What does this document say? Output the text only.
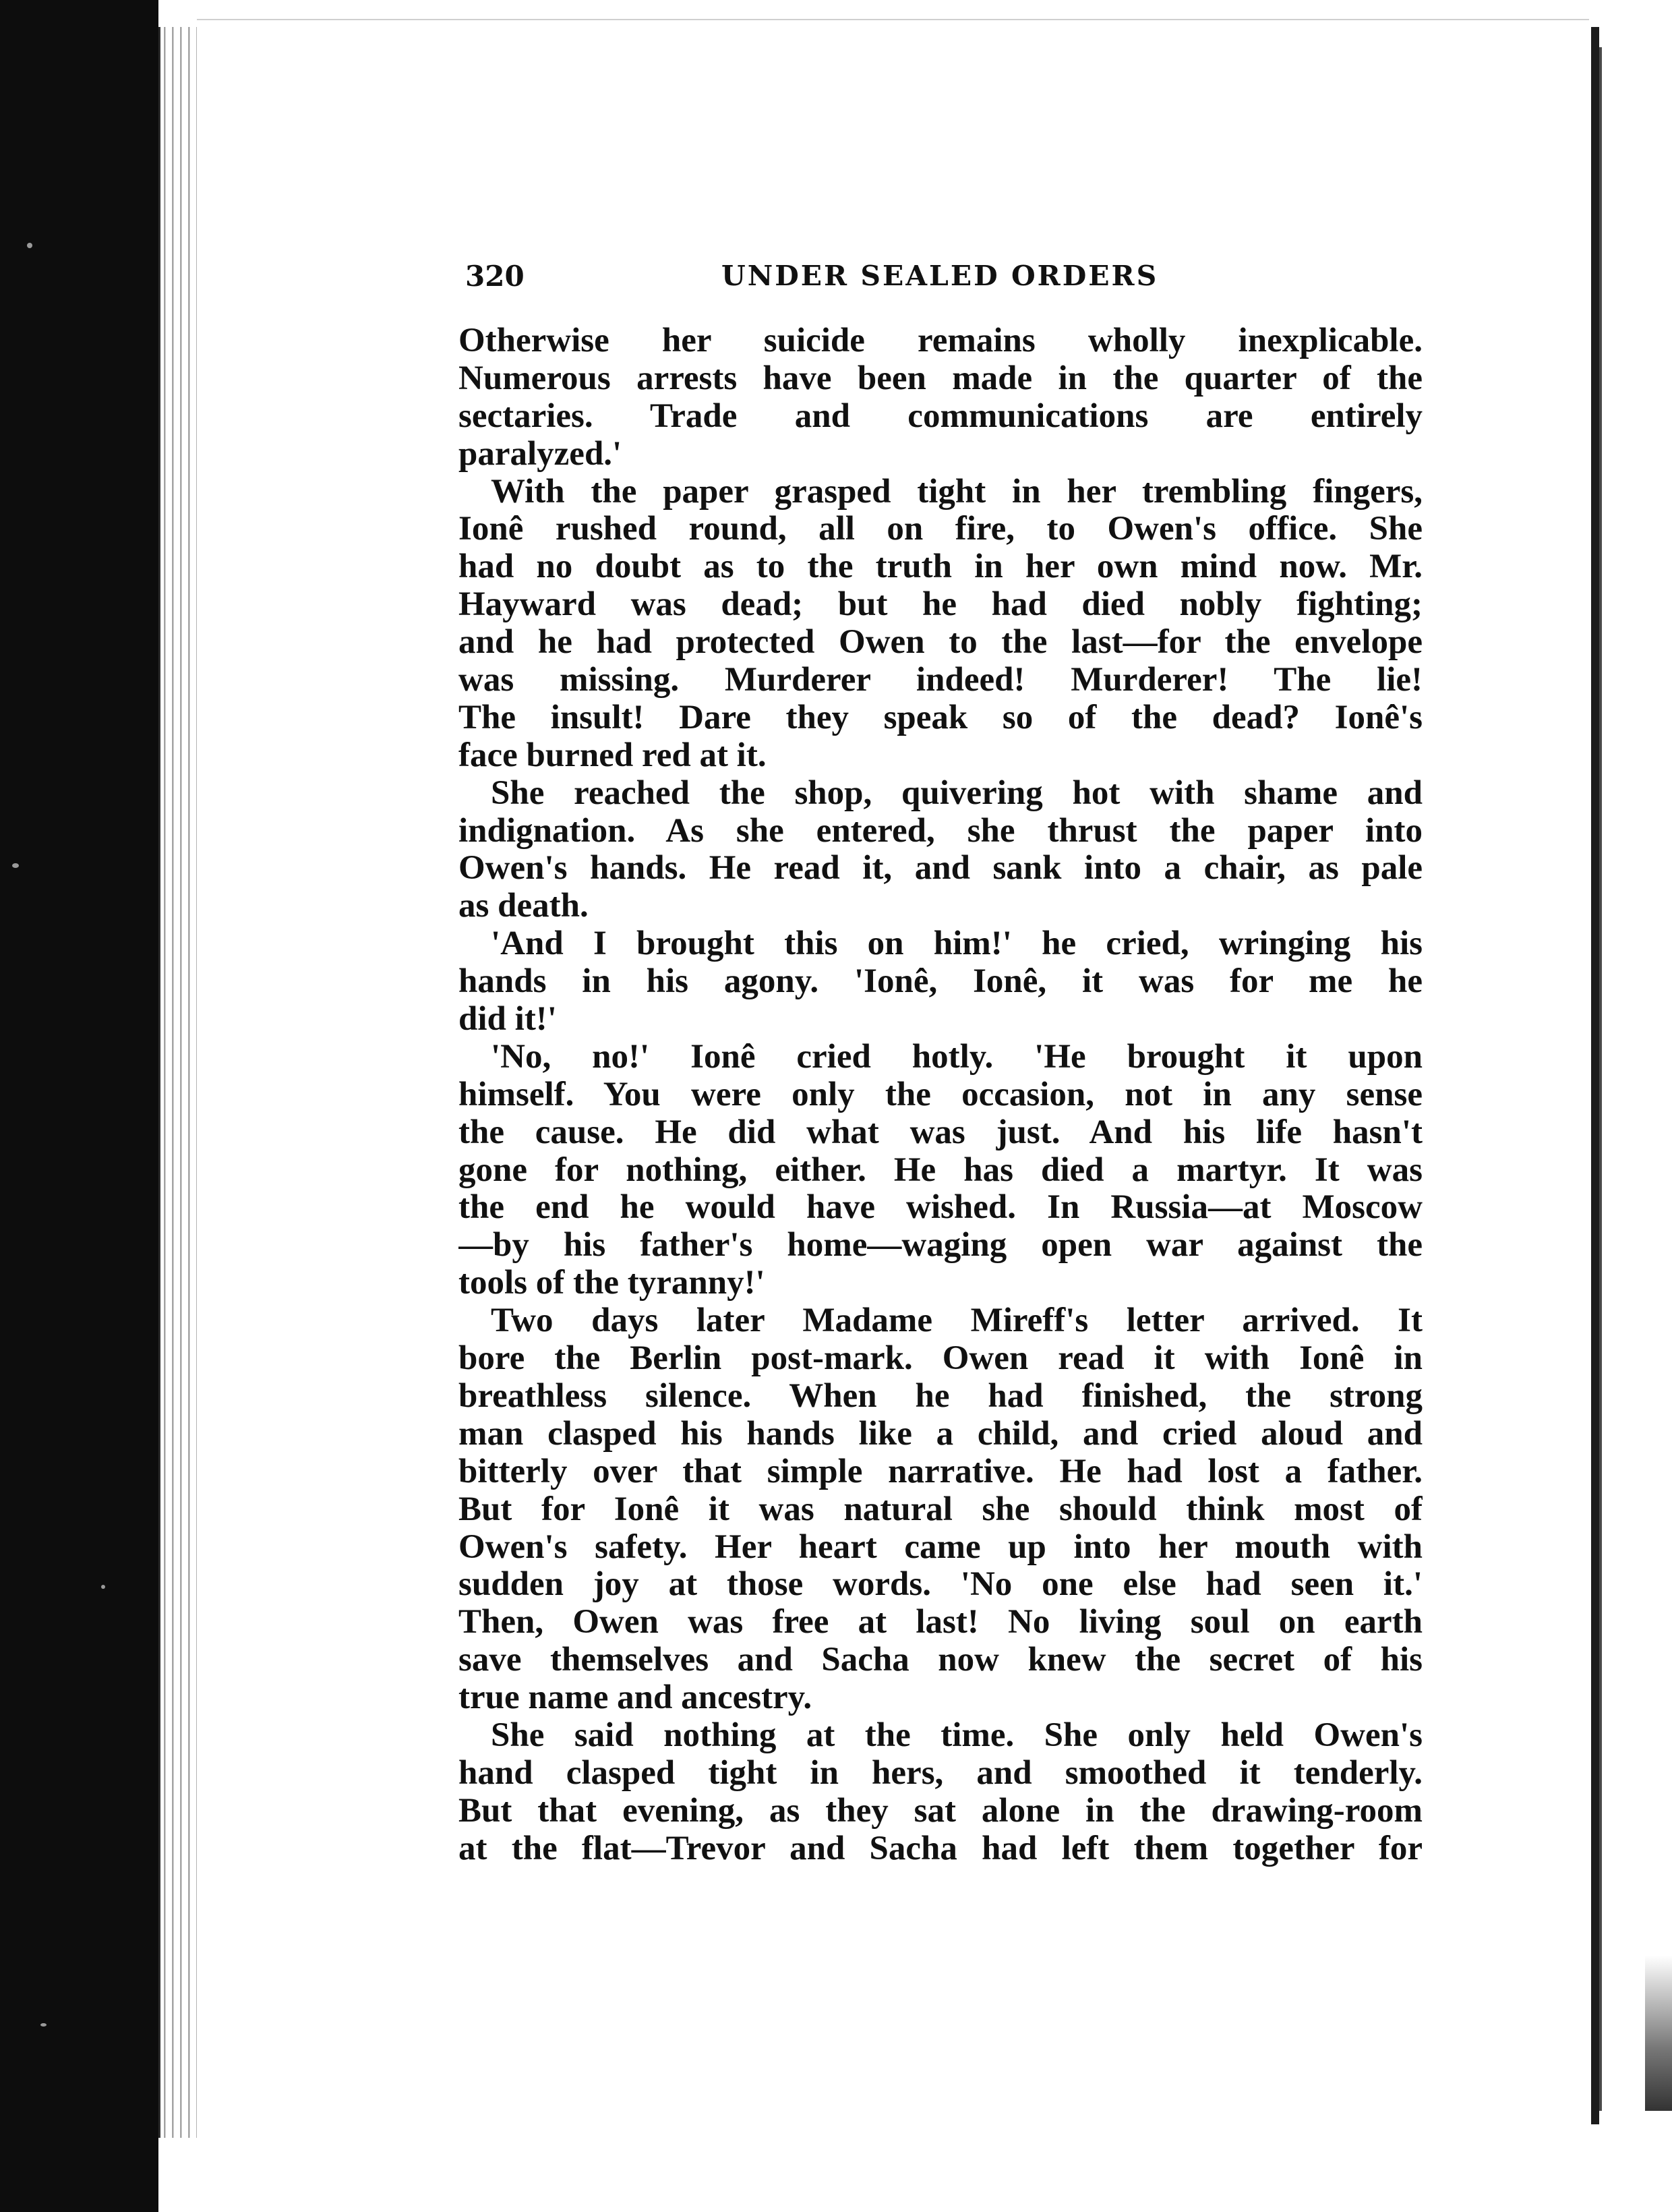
320	UNDER SEALED ORDERS
Otherwise her suicide remains wholly inexplicable.
Numerous arrests have been made in the quarter of the
sectaries. Trade and communications are entirely
paralyzed.'
With the paper grasped tight in her trembling fingers,
Ionê rushed round, all on fire, to Owen's office. She
had no doubt as to the truth in her own mind now. Mr.
Hayward was dead; but he had died nobly fighting;
and he had protected Owen to the last—for the envelope
was missing. Murderer indeed! Murderer! The lie!
The insult! Dare they speak so of the dead? Ionê's
face burned red at it.
She reached the shop, quivering hot with shame and
indignation. As she entered, she thrust the paper into
Owen's hands. He read it, and sank into a chair, as pale
as death.
'And I brought this on him!' he cried, wringing his
hands in his agony. 'Ionê, Ionê, it was for me he
did it!'
'No, no!' Ionê cried hotly. 'He brought it upon
himself. You were only the occasion, not in any sense
the cause. He did what was just. And his life hasn't
gone for nothing, either. He has died a martyr. It was
the end he would have wished. In Russia—at Moscow
—by his father's home—waging open war against the
tools of the tyranny!'
Two days later Madame Mireff's letter arrived. It
bore the Berlin post-mark. Owen read it with Ionê in
breathless silence. When he had finished, the strong
man clasped his hands like a child, and cried aloud and
bitterly over that simple narrative. He had lost a father.
But for Ionê it was natural she should think most of
Owen's safety. Her heart came up into her mouth with
sudden joy at those words. 'No one else had seen it.'
Then, Owen was free at last! No living soul on earth
save themselves and Sacha now knew the secret of his
true name and ancestry.
She said nothing at the time. She only held Owen's
hand clasped tight in hers, and smoothed it tenderly.
But that evening, as they sat alone in the drawing-room
at the flat—Trevor and Sacha had left them together for
